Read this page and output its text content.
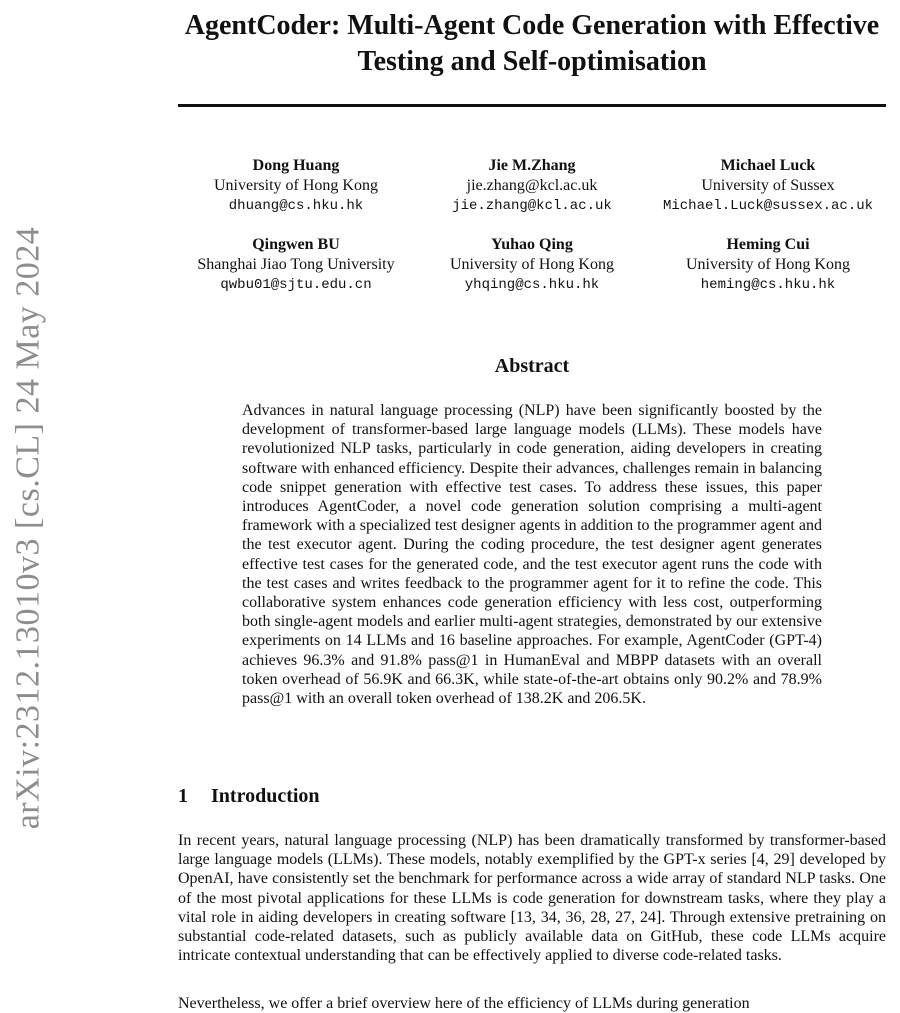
arXiv:2312.13010v3 [cs.CL] 24 May 2024
AgentCoder: Multi-Agent Code Generation with Effective Testing and Self-optimisation
Dong Huang
University of Hong Kong
dhuang@cs.hku.hk
Jie M.Zhang
jie.zhang@kcl.ac.uk
jie.zhang@kcl.ac.uk
Michael Luck
University of Sussex
Michael.Luck@sussex.ac.uk
Qingwen BU
Shanghai Jiao Tong University
qwbu01@sjtu.edu.cn
Yuhao Qing
University of Hong Kong
yhqing@cs.hku.hk
Heming Cui
University of Hong Kong
heming@cs.hku.hk
Abstract

Advances in natural language processing (NLP) have been significantly boosted by the development of transformer-based large language models (LLMs). These models have revolutionized NLP tasks, particularly in code generation, aiding developers in creating software with enhanced efficiency. Despite their advances, challenges remain in balancing code snippet generation with effective test cases. To address these issues, this paper introduces AgentCoder, a novel code generation solution comprising a multi-agent framework with a specialized test designer agents in addition to the programmer agent and the test executor agent. During the coding procedure, the test designer agent generates effective test cases for the generated code, and the test executor agent runs the code with the test cases and writes feedback to the programmer agent for it to refine the code. This collaborative system enhances code generation efficiency with less cost, outperforming both single-agent models and earlier multi-agent strategies, demonstrated by our extensive experiments on 14 LLMs and 16 baseline approaches. For example, AgentCoder (GPT-4) achieves 96.3% and 91.8% pass@1 in HumanEval and MBPP datasets with an overall token overhead of 56.9K and 66.3K, while state-of-the-art obtains only 90.2% and 78.9% pass@1 with an overall token overhead of 138.2K and 206.5K.

1 Introduction

In recent years, natural language processing (NLP) has been dramatically transformed by transformer-based large language models (LLMs). These models, notably exemplified by the GPT-x series [4, 29] developed by OpenAI, have consistently set the benchmark for performance across a wide array of standard NLP tasks. One of the most pivotal applications for these LLMs is code generation for downstream tasks, where they play a vital role in aiding developers in creating software [13, 34, 36, 28, 27, 24]. Through extensive pretraining on substantial code-related datasets, such as publicly available data on GitHub, these code LLMs acquire intricate contextual understanding that can be effectively applied to diverse code-related tasks.

Nevertheless, we offer a brief overview here of the efficiency of LLMs during generation
